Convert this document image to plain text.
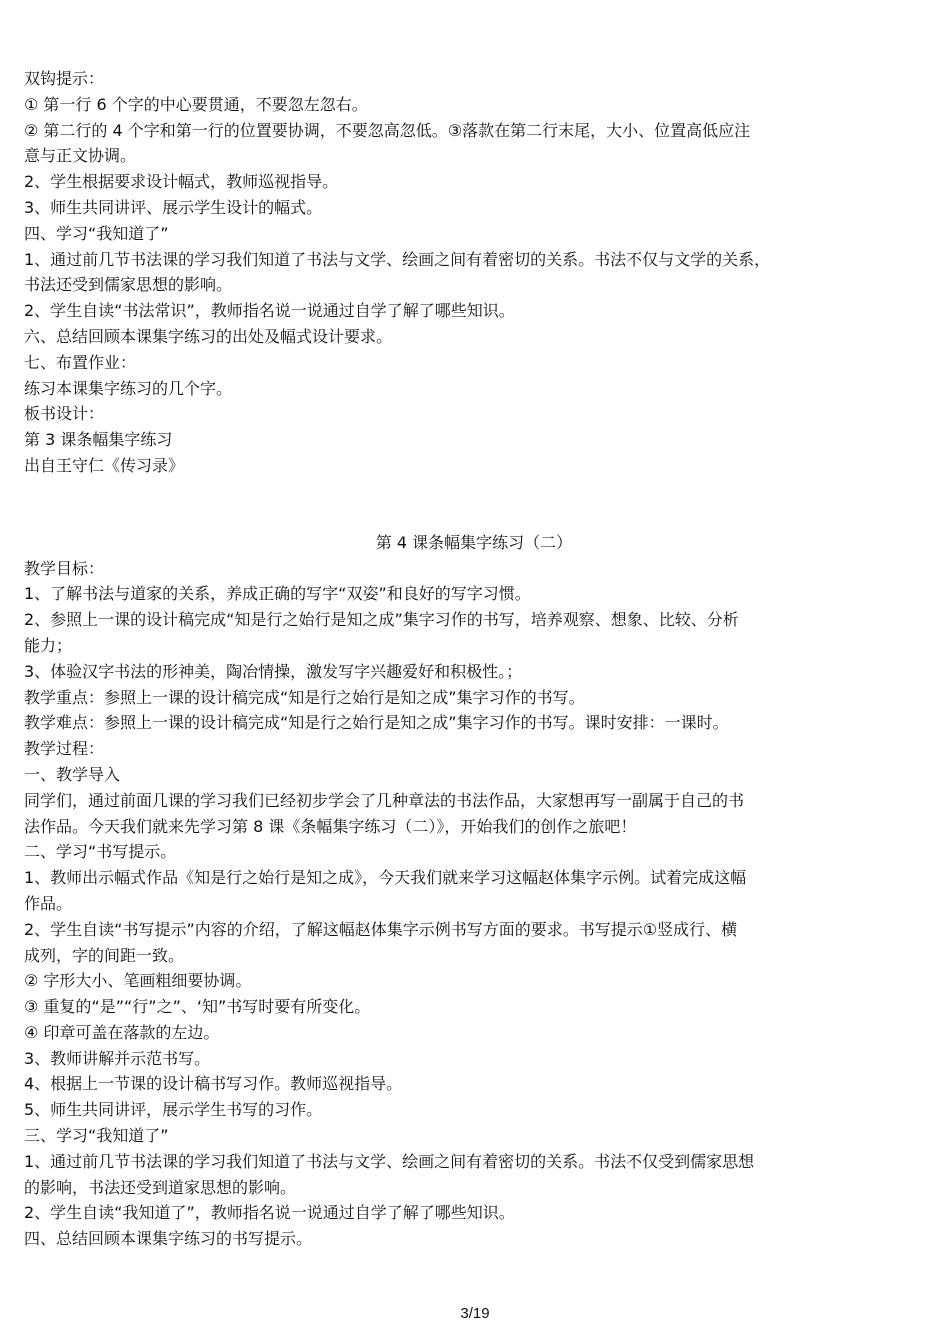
双钩提示：
① 第一行 6 个字的中心要贯通，不要忽左忽右。
② 第二行的 4 个字和第一行的位置要协调，不要忽高忽低。③落款在第二行末尾，大小、位置高低应注
意与正文协调。
2、学生根据要求设计幅式，教师巡视指导。
3、师生共同讲评、展示学生设计的幅式。
四、学习“我知道了”
1、通过前几节书法课的学习我们知道了书法与文学、绘画之间有着密切的关系。书法不仅与文学的关系，
书法还受到儒家思想的影响。
2、学生自读“书法常识”，教师指名说一说通过自学了解了哪些知识。
六、总结回顾本课集字练习的出处及幅式设计要求。
七、布置作业：
练习本课集字练习的几个字。
板书设计：
第 3 课条幅集字练习
出自王守仁《传习录》
第 4 课条幅集字练习（二）
教学目标：
1、了解书法与道家的关系，养成正确的写字“双姿”和良好的写字习惯。
2、参照上一课的设计稿完成“知是行之始行是知之成”集字习作的书写，培养观察、想象、比较、分析
能力；
3、体验汉字书法的形神美，陶冶情操，激发写字兴趣爱好和积极性。；
教学重点：参照上一课的设计稿完成“知是行之始行是知之成”集字习作的书写。
教学难点：参照上一课的设计稿完成“知是行之始行是知之成”集字习作的书写。课时安排：一课时。
教学过程：
一、教学导入
同学们，通过前面几课的学习我们已经初步学会了几种章法的书法作品，大家想再写一副属于自己的书
法作品。今天我们就来先学习第 8 课《条幅集字练习（二）》，开始我们的创作之旅吧！
二、学习“书写提示。
1、教师出示幅式作品《知是行之始行是知之成》，今天我们就来学习这幅赵体集字示例。试着完成这幅
作品。
2、学生自读“书写提示”内容的介绍，了解这幅赵体集字示例书写方面的要求。书写提示①竖成行、横
成列，字的间距一致。
② 字形大小、笔画粗细要协调。
③ 重复的“是”“行”之”、‘知”书写时要有所变化。
④ 印章可盖在落款的左边。
3、教师讲解并示范书写。
4、根据上一节课的设计稿书写习作。教师巡视指导。
5、师生共同讲评，展示学生书写的习作。
三、学习“我知道了”
1、通过前几节书法课的学习我们知道了书法与文学、绘画之间有着密切的关系。书法不仅受到儒家思想
的影响，书法还受到道家思想的影响。
2、学生自读“我知道了”，教师指名说一说通过自学了解了哪些知识。
四、总结回顾本课集字练习的书写提示。
3/19
